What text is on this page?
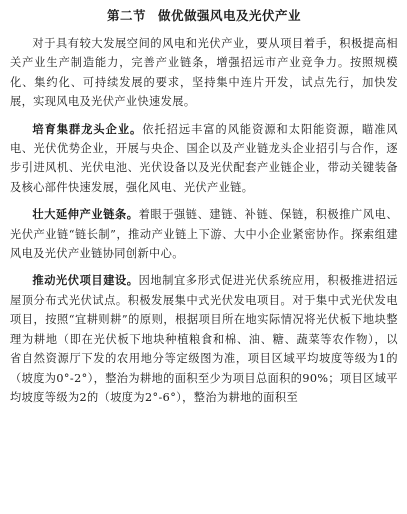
第二节 做优做强风电及光伏产业

对于具有较大发展空间的风电和光伏产业，要从项目着手，积极提高相关产业生产制造能力，完善产业链条，增强招远市产业竞争力。按照规模化、集约化、可持续发展的要求，坚持集中连片开发，试点先行，加快发展，实现风电及光伏产业快速发展。

培育集群龙头企业。依托招远丰富的风能资源和太阳能资源，瞄准风电、光伏优势企业，开展与央企、国企以及产业链龙头企业招引与合作，逐步引进风机、光伏电池、光伏设备以及光伏配套产业链企业，带动关键装备及核心部件快速发展，强化风电、光伏产业链。

壮大延伸产业链条。着眼于强链、建链、补链、保链，积极推广风电、光伏产业链“链长制”，推动产业链上下游、大中小企业紧密协作。探索组建风电及光伏产业链协同创新中心。

推动光伏项目建设。因地制宜多形式促进光伏系统应用，积极推进招远屋顶分布式光伏试点。积极发展集中式光伏发电项目。对于集中式光伏发电项目，按照“宜耕则耕”的原则，根据项目所在地实际情况将光伏板下地块整理为耕地（即在光伏板下地块种植粮食和棉、油、糖、蔬菜等农作物），以省自然资源厅下发的农用地分等定级图为准，项目区域平均坡度等级为1的（坡度为0°-2°），整治为耕地的面积至少为项目总面积的90%；项目区域平均坡度等级为2的（坡度为2°-6°），整治为耕地的面积至
